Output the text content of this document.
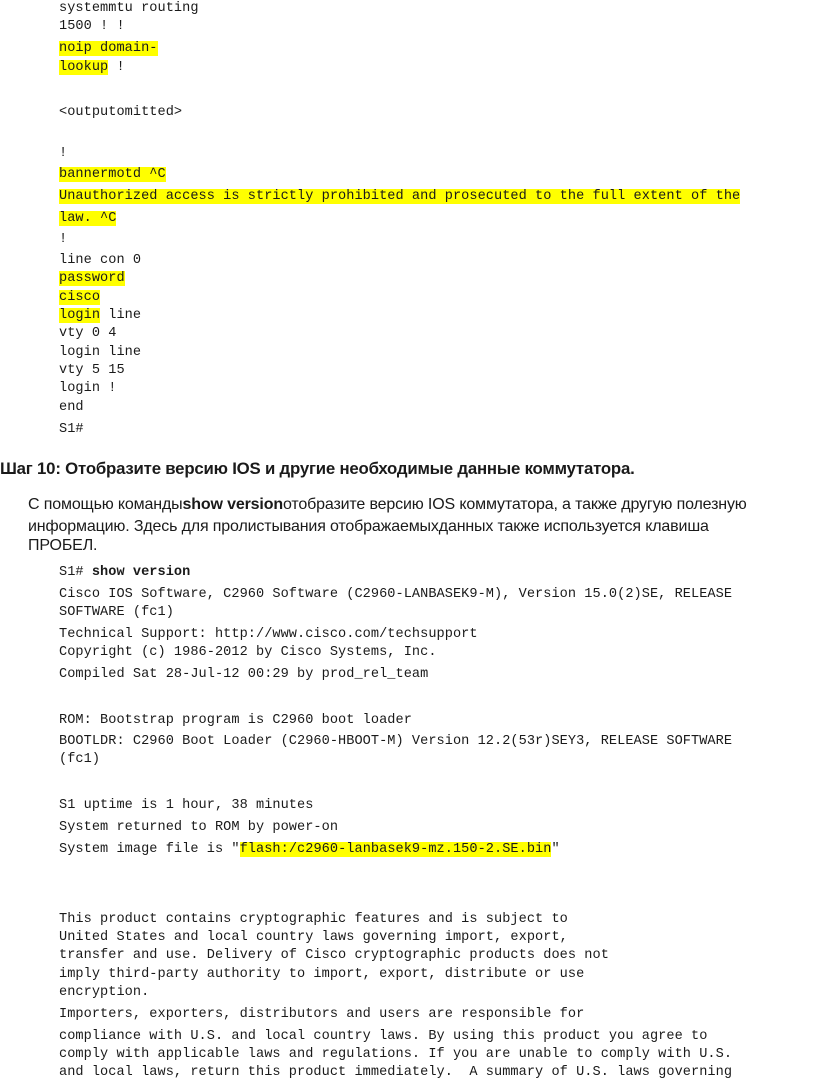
systemmtu routing
1500 ! !
noip domain-
lookup !
<outputomitted>
!
bannermotd ^C
Unauthorized access is strictly prohibited and prosecuted to the full extent of the
law. ^C
!
line con 0
password
cisco
login line
vty 0 4
login line
vty 5 15
login !
end
S1#
Шаг 10: Отобразите версию IOS и другие необходимые данные коммутатора.
С помощью командыshow versionотобразите версию IOS коммутатора, а также другую полезную
информацию. Здесь для пролистывания отображаемыхданных также используется клавиша
ПРОБЕЛ.
S1# show version
Cisco IOS Software, C2960 Software (C2960-LANBASEK9-M), Version 15.0(2)SE, RELEASE
SOFTWARE (fc1)
Technical Support: http://www.cisco.com/techsupport
Copyright (c) 1986-2012 by Cisco Systems, Inc.
Compiled Sat 28-Jul-12 00:29 by prod_rel_team
ROM: Bootstrap program is C2960 boot loader
BOOTLDR: C2960 Boot Loader (C2960-HBOOT-M) Version 12.2(53r)SEY3, RELEASE SOFTWARE
(fc1)
S1 uptime is 1 hour, 38 minutes
System returned to ROM by power-on
System image file is "flash:/c2960-lanbasek9-mz.150-2.SE.bin"
This product contains cryptographic features and is subject to
United States and local country laws governing import, export,
transfer and use. Delivery of Cisco cryptographic products does not
imply third-party authority to import, export, distribute or use
encryption.
Importers, exporters, distributors and users are responsible for
compliance with U.S. and local country laws. By using this product you agree to
comply with applicable laws and regulations. If you are unable to comply with U.S.
and local laws, return this product immediately.  A summary of U.S. laws governing
